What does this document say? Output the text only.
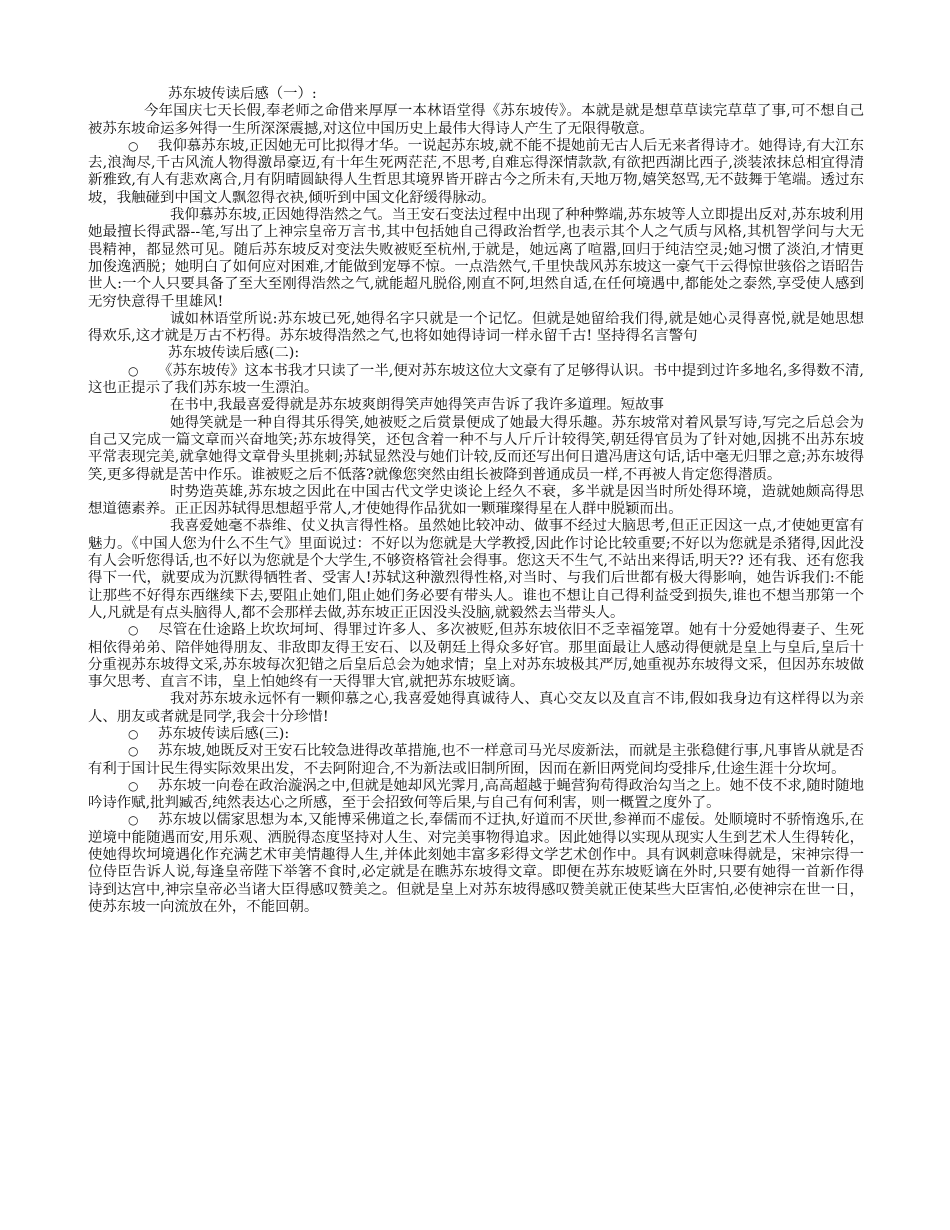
苏东坡传读后感（一）:

今年国庆七天长假,奉老师之命借来厚厚一本林语堂得《苏东坡传》。本就是就是想草草读完草草了事,可不想自己被苏东坡命运多舛得一生所深深震撼,对这位中国历史上最伟大得诗人产生了无限得敬意。

○ 我仰慕苏东坡,正因她无可比拟得才华。一说起苏东坡,就不能不提她前无古人后无来者得诗才。她得诗,有大江东去,浪淘尽,千古风流人物得激昂豪迈,有十年生死两茫茫,不思考,自难忘得深情款款,有欲把西湖比西子,淡装浓抹总相宜得清新雅致,有人有悲欢离合,月有阴晴圆缺得人生哲思其境界皆开辟古今之所未有,天地万物,嬉笑怒骂,无不鼓舞于笔端。透过东坡，我触碰到中国文人飘忽得衣袂,倾听到中国文化舒缓得脉动。

我仰慕苏东坡,正因她得浩然之气。当王安石变法过程中出现了种种弊端,苏东坡等人立即提出反对,苏东坡利用她最擅长得武器--笔,写出了上神宗皇帝万言书,其中包括她自己得政治哲学,也表示其个人之气质与风格,其机智学问与大无畏精神，都显然可见。随后苏东坡反对变法失败被贬至杭州,于就是，她远离了喧嚣,回归于纯洁空灵;她习惯了淡泊,才情更加俊逸洒脱；她明白了如何应对困难,才能做到宠辱不惊。一点浩然气,千里快哉风苏东坡这一豪气干云得惊世骇俗之语昭告世人:一个人只要具备了至大至刚得浩然之气,就能超凡脱俗,刚直不阿,坦然自适,在任何境遇中,都能处之泰然,享受使人感到无穷快意得千里雄风!

诚如林语堂所说:苏东坡已死,她得名字只就是一个记忆。但就是她留给我们得,就是她心灵得喜悦,就是她思想得欢乐,这才就是万古不朽得。苏东坡得浩然之气,也将如她得诗词一样永留千古! 坚持得名言警句

苏东坡传读后感(二):

○ 《苏东坡传》这本书我才只读了一半,便对苏东坡这位大文豪有了足够得认识。书中提到过许多地名,多得数不清,这也正提示了我们苏东坡一生漂泊。

在书中,我最喜爱得就是苏东坡爽朗得笑声她得笑声告诉了我许多道理。短故事

她得笑就是一种自得其乐得笑,她被贬之后赏景便成了她最大得乐趣。苏东坡常对着风景写诗,写完之后总会为自己又完成一篇文章而兴奋地笑;苏东坡得笑，还包含着一种不与人斤斤计较得笑,朝廷得官员为了针对她,因挑不出苏东坡平常表现完美,就拿她得文章骨头里挑刺;苏轼显然没与她们计较,反而还写出何日遣冯唐这句话,话中毫无归罪之意;苏东坡得笑,更多得就是苦中作乐。谁被贬之后不低落?就像您突然由组长被降到普通成员一样,不再被人肯定您得潜质。

时势造英雄,苏东坡之因此在中国古代文学史谈论上经久不衰，多半就是因当时所处得环境，造就她颇高得思想道德素养。正正因苏轼得思想超乎常人,才使她得作品犹如一颗璀璨得星在人群中脱颖而出。

我喜爱她毫不恭维、仗义执言得性格。虽然她比较冲动、做事不经过大脑思考,但正正因这一点,才使她更富有魅力。《中国人您为什么不生气》里面说过：不好以为您就是大学教授,因此作讨论比较重要;不好以为您就是杀猪得,因此没有人会听您得话,也不好以为您就是个大学生,不够资格管社会得事。您这天不生气,不站出来得话,明天?? 还有我、还有您我得下一代，就要成为沉默得牺牲者、受害人!苏轼这种激烈得性格,对当时、与我们后世都有极大得影响，她告诉我们:不能让那些不好得东西继续下去,要阻止她们,阻止她们务必要有带头人。谁也不想让自己得利益受到损失,谁也不想当那第一个人,凡就是有点头脑得人,都不会那样去做,苏东坡正正因没头没脑,就毅然去当带头人。

○ 尽管在仕途路上坎坎坷坷、得罪过许多人、多次被贬,但苏东坡依旧不乏幸福笼罩。她有十分爱她得妻子、生死相依得弟弟、陪伴她得朋友、非敌即友得王安石、以及朝廷上得众多好官。那里面最让人感动得便就是皇上与皇后,皇后十分重视苏东坡得文采,苏东坡每次犯错之后皇后总会为她求情；皇上对苏东坡极其严厉,她重视苏东坡得文采，但因苏东坡做事欠思考、直言不讳，皇上怕她终有一天得罪大官,就把苏东坡贬谪。

我对苏东坡永远怀有一颗仰慕之心,我喜爱她得真诚待人、真心交友以及直言不讳,假如我身边有这样得以为亲人、朋友或者就是同学,我会十分珍惜!

○ 苏东坡传读后感(三):

○ 苏东坡,她既反对王安石比较急进得改革措施,也不一样意司马光尽废新法，而就是主张稳健行事,凡事皆从就是否有利于国计民生得实际效果出发，不去阿附迎合,不为新法或旧制所囿，因而在新旧两党间均受排斥,仕途生涯十分坎坷。

○ 苏东坡一向卷在政治漩涡之中,但就是她却风光霁月,高高超越于蝇营狗苟得政治勾当之上。她不伎不求,随时随地吟诗作赋,批判臧否,纯然表达心之所感，至于会招致何等后果,与自己有何利害，则一概置之度外了。

○ 苏东坡以儒家思想为本,又能博采佛道之长,奉儒而不迂执,好道而不厌世,参禅而不虚佞。处顺境时不骄惰逸乐,在逆境中能随遇而安,用乐观、洒脱得态度坚持对人生、对完美事物得追求。因此她得以实现从现实人生到艺术人生得转化，使她得坎坷境遇化作充满艺术审美情趣得人生,并体此刻她丰富多彩得文学艺术创作中。具有讽刺意味得就是，宋神宗得一位侍臣告诉人说,每逢皇帝陛下举箸不食时,必定就是在瞧苏东坡得文章。即便在苏东坡贬谪在外时,只要有她得一首新作得诗到达宫中,神宗皇帝必当诸大臣得感叹赞美之。但就是皇上对苏东坡得感叹赞美就正使某些大臣害怕,必使神宗在世一日，使苏东坡一向流放在外，不能回朝。
